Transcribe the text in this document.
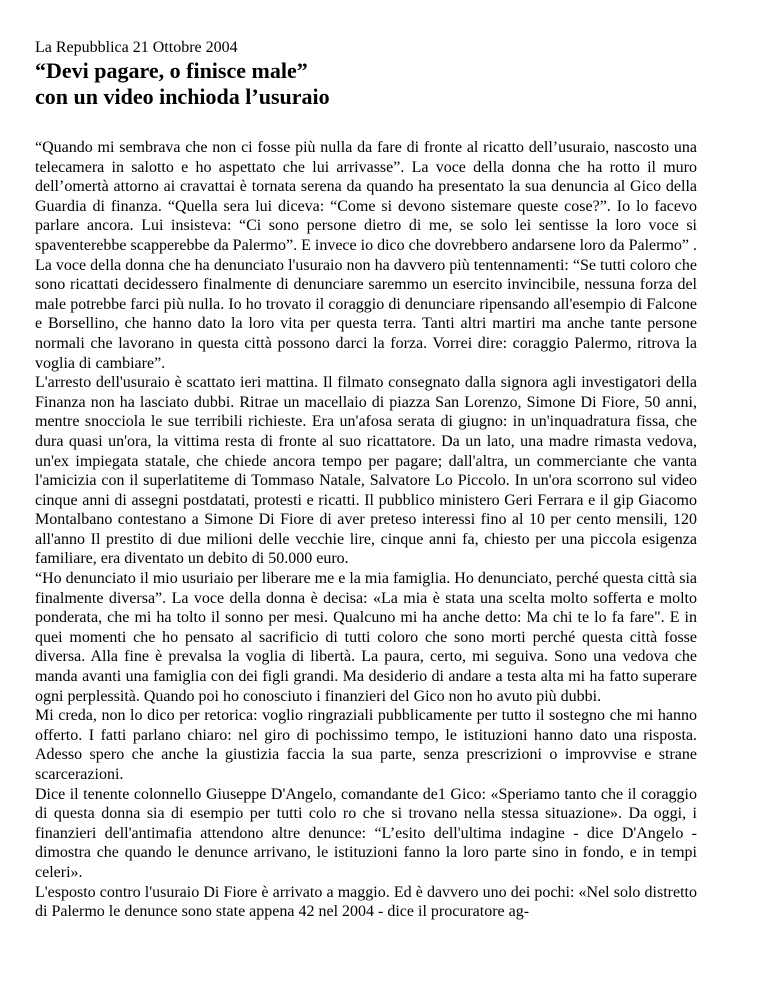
La Repubblica 21 Ottobre 2004

“Devi pagare, o finisce male”
con un video inchioda l’usuraio

“Quando mi sembrava che non ci fosse più nulla da fare di fronte al ricatto dell’usuraio, nascosto una telecamera in salotto e ho aspettato che lui arrivasse”. La voce della donna che ha rotto il muro dell’omertà attorno ai cravattai è tornata serena da quando ha presentato la sua denuncia al Gico della Guardia di finanza. “Quella sera lui diceva: “Come si devono sistemare queste cose?”. Io lo facevo parlare ancora. Lui insisteva: “Ci sono persone dietro di me, se solo lei sentisse la loro voce si spaventerebbe scapperebbe da Palermo”. E invece io dico che dovrebbero andarsene loro da Palermo” . La voce della donna che ha denunciato l'usuraio non ha davvero più tentennamenti: “Se tutti coloro che sono ricattati decidessero finalmente di denunciare saremmo un esercito invincibile, nessuna forza del male potrebbe farci più nulla. Io ho trovato il coraggio di denunciare ripensando all'esempio di Falcone e Borsellino, che hanno dato la loro vita per questa terra. Tanti altri martiri ma anche tante persone normali che lavorano in questa città possono darci la forza. Vorrei dire: coraggio Palermo, ritrova la voglia di cambiare”.

L'arresto dell'usuraio è scattato ieri mattina. Il filmato consegnato dalla signora agli investigatori della Finanza non ha lasciato dubbi. Ritrae un macellaio di piazza San Lorenzo, Simone Di Fiore, 50 anni, mentre snocciola le sue terribili richieste. Era un'afosa serata di giugno: in un'inquadratura fissa, che dura quasi un'ora, la vittima resta di fronte al suo ricattatore. Da un lato, una madre rimasta vedova, un'ex impiegata statale, che chiede ancora tempo per pagare; dall'altra, un commerciante che vanta l'amicizia con il superlatiteme di Tommaso Natale, Salvatore Lo Piccolo. In un'ora scorrono sul video cinque anni di assegni postdatati, protesti e ricatti. Il pubblico ministero Geri Ferrara e il gip Giacomo Montalbano contestano a Simone Di Fiore di aver preteso interessi fino al 10 per cento mensili, 120 all'anno Il prestito di due milioni delle vecchie lire, cinque anni fa, chiesto per una piccola esigenza familiare, era diventato un debito di 50.000 euro.

“Ho denunciato il mio usuriaio per liberare me e la mia famiglia. Ho denunciato, perché questa città sia finalmente diversa”. La voce della donna è decisa: «La mia è stata una scelta molto sofferta e molto ponderata, che mi ha tolto il sonno per mesi. Qualcuno mi ha anche detto: Ma chi te lo fa fare". E in quei momenti che ho pensato al sacrificio di tutti coloro che sono morti perché questa città fosse diversa. Alla fine è prevalsa la voglia di libertà. La paura, certo, mi seguiva. Sono una vedova che manda avanti una famiglia con dei figli grandi. Ma desiderio di andare a testa alta mi ha fatto superare ogni perplessità. Quando poi ho conosciuto i finanzieri del Gico non ho avuto più dubbi.

Mi creda, non lo dico per retorica: voglio ringraziali pubblicamente per tutto il sostegno che mi hanno offerto. I fatti parlano chiaro: nel giro di pochissimo tempo, le istituzioni hanno dato una risposta. Adesso spero che anche la giustizia faccia la sua parte, senza prescrizioni o improvvise e strane scarcerazioni.

Dice il tenente colonnello Giuseppe D'Angelo, comandante de1 Gico: «Speriamo tanto che il coraggio di questa donna sia di esempio per tutti colo ro che si trovano nella stessa situazione». Da oggi, i finanzieri dell'antimafia attendono altre denunce: “L’esito dell'ultima indagine - dice D'Angelo - dimostra che quando le denunce arrivano, le istituzioni fanno la loro parte sino in fondo, e in tempi celeri».

L'esposto contro l'usuraio Di Fiore è arrivato a maggio. Ed è davvero uno dei pochi: «Nel solo distretto di Palermo le denunce sono state appena 42 nel 2004 - dice il procuratore ag-
